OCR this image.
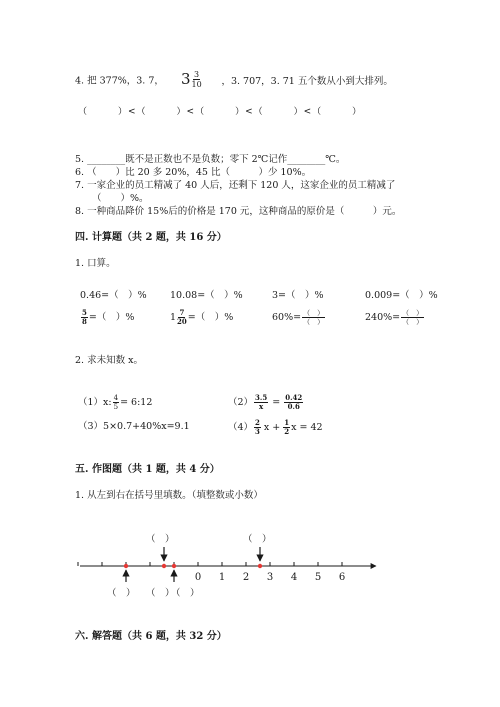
4. 把 377%，3. 7， $3 \frac{3}{10}$ ，3. 707，3. 71 五个数从小到大排列。
（　　　）<（　　　）<（　　　）<（　　　）<（　　　）
5. ________既不是正数也不是负数；零下 2℃记作________℃。
6. （　　）比 20 多 20%，45 比（　　　）少 10%。
7. 一家企业的员工精减了 40 人后，还剩下 120 人，这家企业的员工精减了
（　　）%。
8. 一种商品降价 15%后的价格是 170 元，这种商品的原价是（　　　）元。
四. 计算题（共 2 题，共 16 分）
1. 口算。
0.46=（　）% 10.08=（　）%	3=（　）%	0.009=（　）%
$\frac{5}{8}$ =（　）%	$1 \frac{7}{20}$ =（　）%	$60\%= \frac{( )}{( )}$	$240\%= \frac{( )}{( )}$
2. 求未知数 x。
（1）x: $\frac{4}{5}$ = 6:12	$(2) \frac{3.5}{x} = \frac{0.42}{0.6}$
（3）5×0.7+40%x=9.1	$(4) \frac{2}{3}$ $x + \frac{1}{2}$ x = 42
五. 作图题（共 1 题，共 4 分）
1. 从左到右在括号里填数。（填整数或小数）
0 1 2 3 4 5 6
（　）	（　）
（　） （　）
（　）
六. 解答题（共 6 题，共 32 分）
